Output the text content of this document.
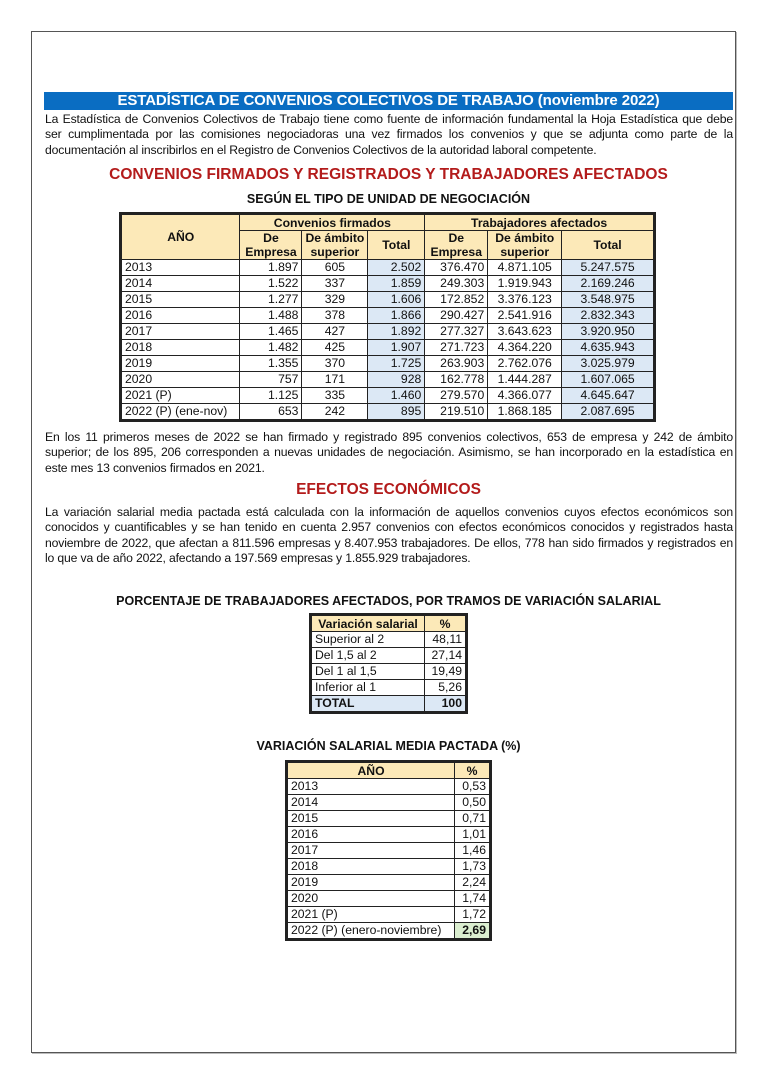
ESTADÍSTICA DE CONVENIOS COLECTIVOS DE TRABAJO (noviembre 2022)
La Estadística de Convenios Colectivos de Trabajo tiene como fuente de información fundamental la Hoja Estadística que debe ser cumplimentada por las comisiones negociadoras una vez firmados los convenios y que se adjunta como parte de la documentación al inscribirlos en el Registro de Convenios Colectivos de la autoridad laboral competente.
CONVENIOS FIRMADOS Y REGISTRADOS Y TRABAJADORES AFECTADOS
SEGÚN EL TIPO DE UNIDAD DE NEGOCIACIÓN
AÑO	Convenios firmados			Trabajadores afectados		
	De Empresa	De ámbito superior	Total	De Empresa	De ámbito superior	Total
2013	1.897	605	2.502	376.470	4.871.105	5.247.575
2014	1.522	337	1.859	249.303	1.919.943	2.169.246
2015	1.277	329	1.606	172.852	3.376.123	3.548.975
2016	1.488	378	1.866	290.427	2.541.916	2.832.343
2017	1.465	427	1.892	277.327	3.643.623	3.920.950
2018	1.482	425	1.907	271.723	4.364.220	4.635.943
2019	1.355	370	1.725	263.903	2.762.076	3.025.979
2020	757	171	928	162.778	1.444.287	1.607.065
2021 (P)	1.125	335	1.460	279.570	4.366.077	4.645.647
2022 (P) (ene-nov)	653	242	895	219.510	1.868.185	2.087.695
En los 11 primeros meses de 2022 se han firmado y registrado 895 convenios colectivos, 653 de empresa y 242 de ámbito superior; de los 895, 206 corresponden a nuevas unidades de negociación. Asimismo, se han incorporado en la estadística en este mes 13 convenios firmados en 2021.
EFECTOS ECONÓMICOS
La variación salarial media pactada está calculada con la información de aquellos convenios cuyos efectos económicos son conocidos y cuantificables y se han tenido en cuenta 2.957 convenios con efectos económicos conocidos y registrados hasta noviembre de 2022, que afectan a 811.596 empresas y 8.407.953 trabajadores. De ellos, 778 han sido firmados y registrados en lo que va de año 2022, afectando a 197.569 empresas y 1.855.929 trabajadores.
PORCENTAJE DE TRABAJADORES AFECTADOS, POR TRAMOS DE VARIACIÓN SALARIAL
Variación salarial	%
Superior al 2	48,11
Del 1,5 al 2	27,14
Del 1 al 1,5	19,49
Inferior al 1	5,26
TOTAL	100
VARIACIÓN SALARIAL MEDIA PACTADA (%)
AÑO	%
2013	0,53
2014	0,50
2015	0,71
2016	1,01
2017	1,46
2018	1,73
2019	2,24
2020	1,74
2021 (P)	1,72
2022 (P) (enero-noviembre)	2,69
